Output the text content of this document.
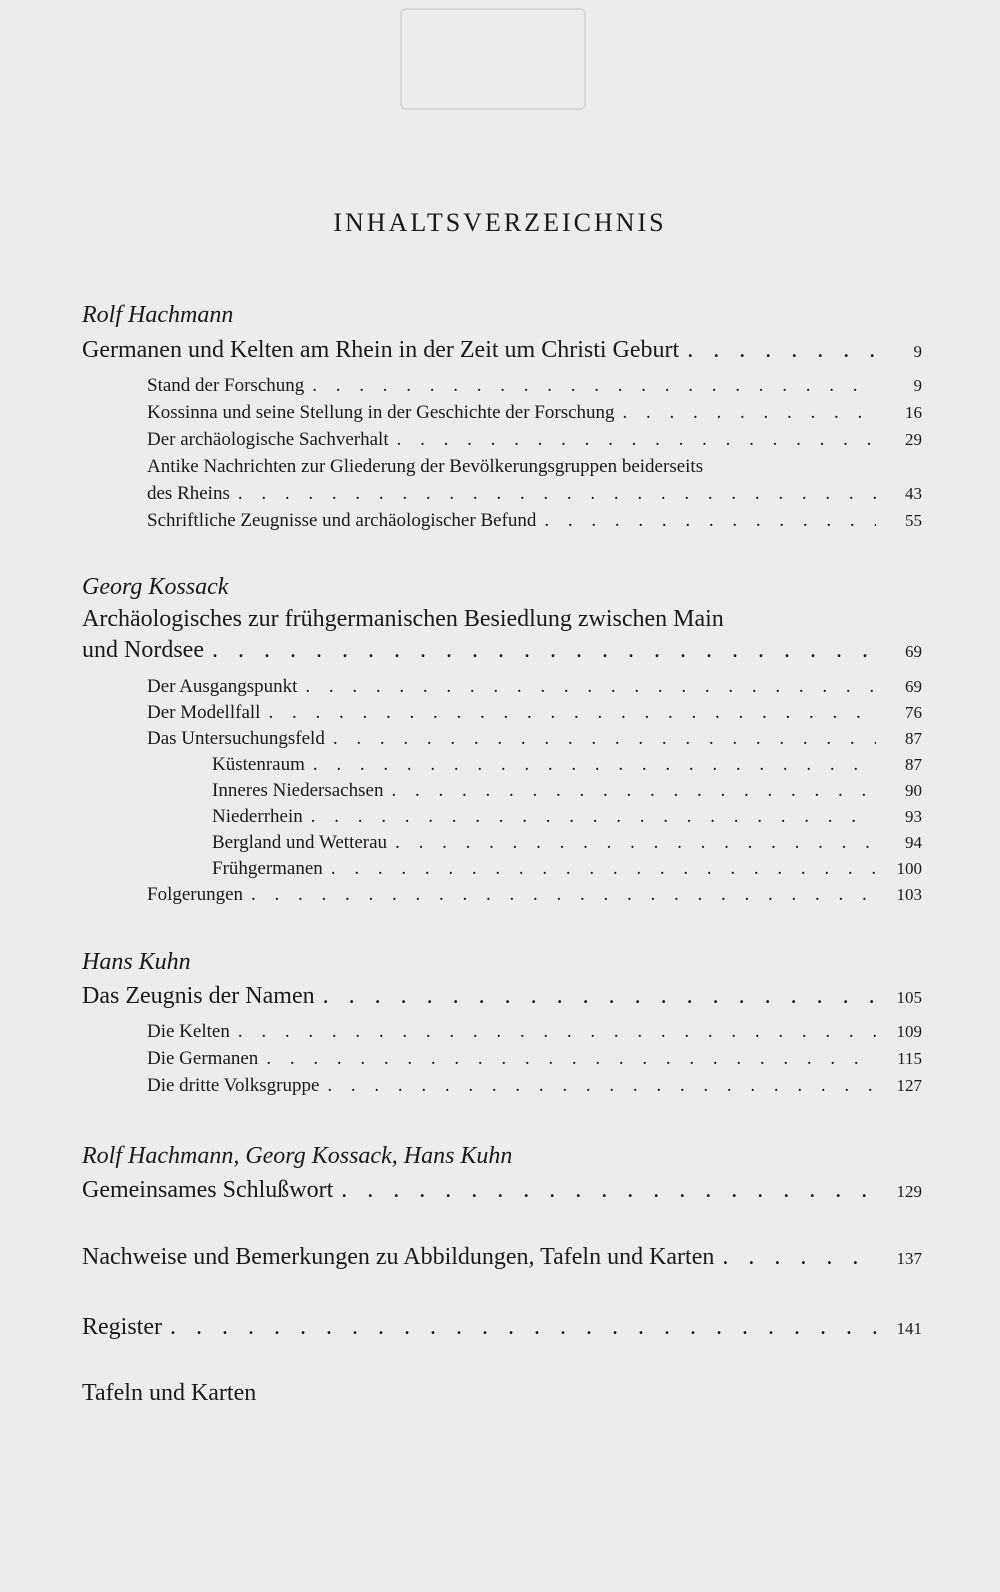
INHALTSVERZEICHNIS
Rolf Hachmann
Germanen und Kelten am Rhein in der Zeit um Christi Geburt . . .	9
Stand der Forschung . . .	9
Kossinna und seine Stellung in der Geschichte der Forschung . . .	16
Der archäologische Sachverhalt . . .	29
Antike Nachrichten zur Gliederung der Bevölkerungsgruppen beiderseits
des Rheins . . .	43
Schriftliche Zeugnisse und archäologischer Befund . . .	55
Georg Kossack
Archäologisches zur frühgermanischen Besiedlung zwischen Main
und Nordsee . . .	69
Der Ausgangspunkt . . .	69
Der Modellfall . . .	76
Das Untersuchungsfeld . . .	87
Küstenraum . . .	87
Inneres Niedersachsen . . .	90
Niederrhein . . .	93
Bergland und Wetterau . . .	94
Frühgermanen . . .	100
Folgerungen . . .	103
Hans Kuhn
Das Zeugnis der Namen . . .	105
Die Kelten . . .	109
Die Germanen . . .	115
Die dritte Volksgruppe . . .	127
Rolf Hachmann, Georg Kossack, Hans Kuhn
Gemeinsames Schlußwort . . .	129
Nachweise und Bemerkungen zu Abbildungen, Tafeln und Karten . . .	137
Register . . .	141
Tafeln und Karten
